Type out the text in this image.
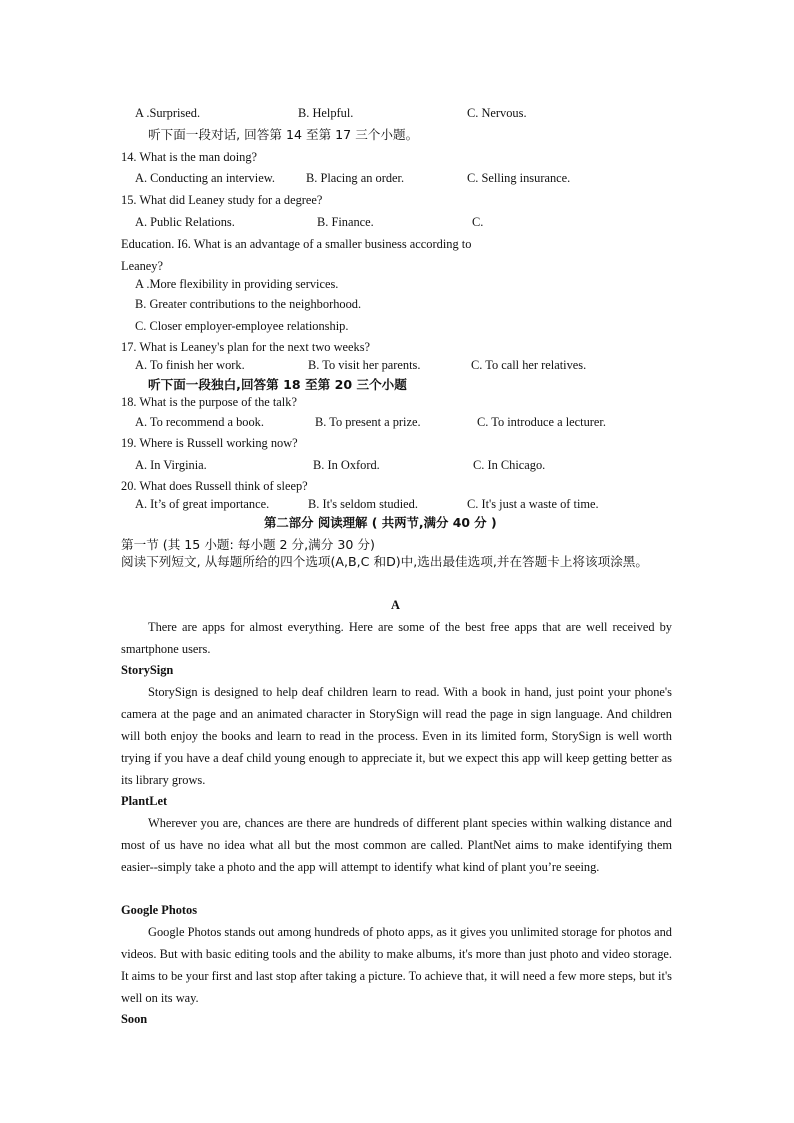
A .Surprised.	B. Helpful.	C. Nervous.
听下面一段对话, 回答第 14 至第 17 三个小题。
14. What is the man doing?
A. Conducting an interview.	B. Placing an order.	C. Selling insurance.
15. What did Leaney study for a degree?
A. Public Relations.	B. Finance.	C.
Education. I6. What is an advantage of a smaller business according to
Leaney?
A .More flexibility in providing services.
B. Greater contributions to the neighborhood.
C. Closer employer-employee relationship.
17. What is Leaney's plan for the next two weeks?
A. To finish her work.	B. To visit her parents.	C. To call her relatives.
听下面一段独白,回答第 18 至第 20 三个小题
18. What is the purpose of the talk?
A. To recommend a book.	B. To present a prize.	C. To introduce a lecturer.
19. Where is Russell working now?
A. In Virginia.	B. In Oxford.	C. In Chicago.
20. What does Russell think of sleep?
A. It’s of great importance.	B. It's seldom studied.	C. It's just a waste of time.
第二部分 阅读理解 ( 共两节,满分 40 分 )
第一节 (其 15 小题: 每小题 2 分,满分 30 分)
阅读下列短文, 从每题所给的四个选项(A,B,C 和D)中,选出最佳选项,并在答题卡上将该项涂黑。
A
There are apps for almost everything. Here are some of the best free apps that are well received by smartphone users.
StorySign
StorySign is designed to help deaf children learn to read. With a book in hand, just point your phone's camera at the page and an animated character in StorySign will read the page in sign language. And children will both enjoy the books and learn to read in the process. Even in its limited form, StorySign is well worth trying if you have a deaf child young enough to appreciate it, but we expect this app will keep getting better as its library grows.
PlantLet
Wherever you are, chances are there are hundreds of different plant species within walking distance and most of us have no idea what all but the most common are called. PlantNet aims to make identifying them easier--simply take a photo and the app will attempt to identify what kind of plant you’re seeing.
Google Photos
Google Photos stands out among hundreds of photo apps, as it gives you unlimited storage for photos and videos. But with basic editing tools and the ability to make albums, it's more than just photo and video storage. It aims to be your first and last stop after taking a picture. To achieve that, it will need a few more steps, but it's well on its way.
Soon
